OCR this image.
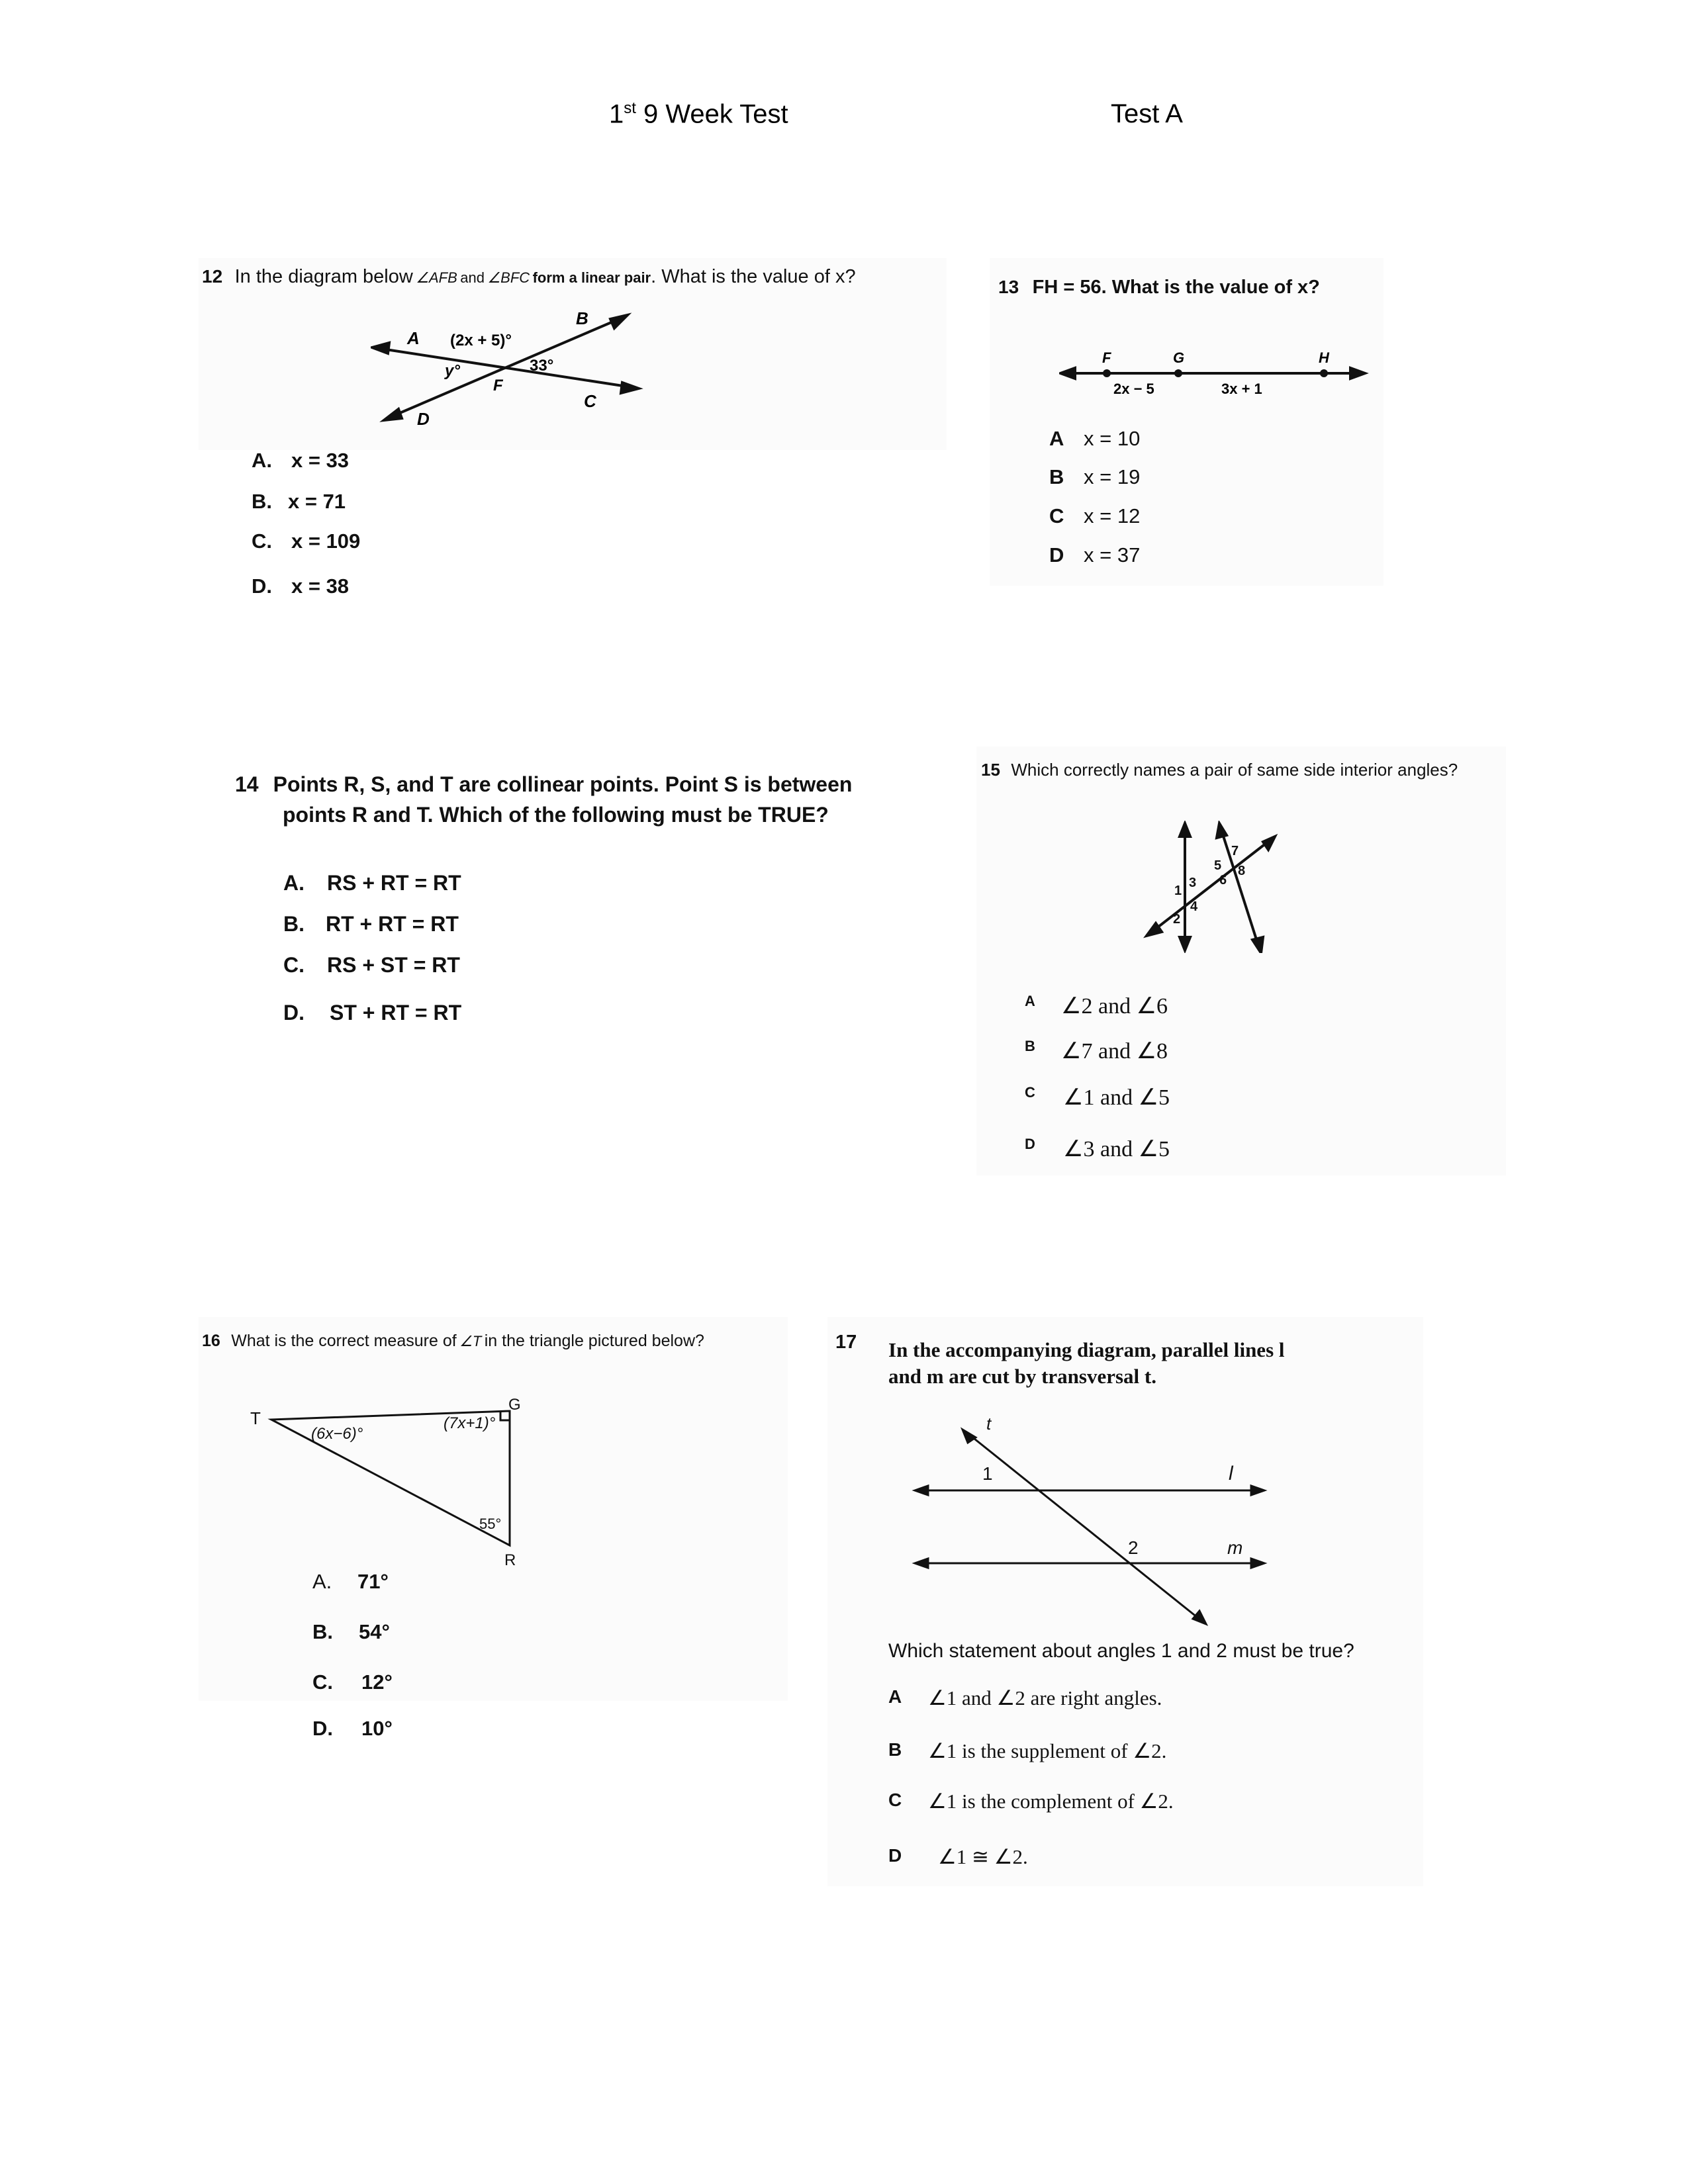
1st 9 Week Test	Test A
12 In the diagram below ∠AFB and ∠BFC form a linear pair. What is the value of x?
A
B
C
D
F
(2x + 5)°
y°	33°
A. x = 33
B. x = 71
C. x = 109
D. x = 38
13 FH = 56. What is the value of x?
F	G	H
2x − 5	3x + 1
A x = 10
B x = 19
C x = 12
D x = 37
14 Points R, S, and T are collinear points. Point S is between
points R and T. Which of the following must be TRUE?
A. RS + RT = RT
B. RT + RT = RT
C. RS + ST = RT
D. ST + RT = RT
15 Which correctly names a pair of same side interior angles?
1
2
3
4
5
6
7
8
A ∠2 and ∠6
B ∠7 and ∠8
C ∠1 and ∠5
D ∠3 and ∠5
16 What is the correct measure of ∠T in the triangle pictured below?
T
G
R
(6x−6)°
(7x+1)°
55°
A. 71°
B. 54°
C. 12°
D. 10°
17 In the accompanying diagram, parallel lines l
and m are cut by transversal t.
t
1	l
2	m
Which statement about angles 1 and 2 must be true?
A ∠1 and ∠2 are right angles.
B ∠1 is the supplement of ∠2.
C ∠1 is the complement of ∠2.
D ∠1 ≅ ∠2.
